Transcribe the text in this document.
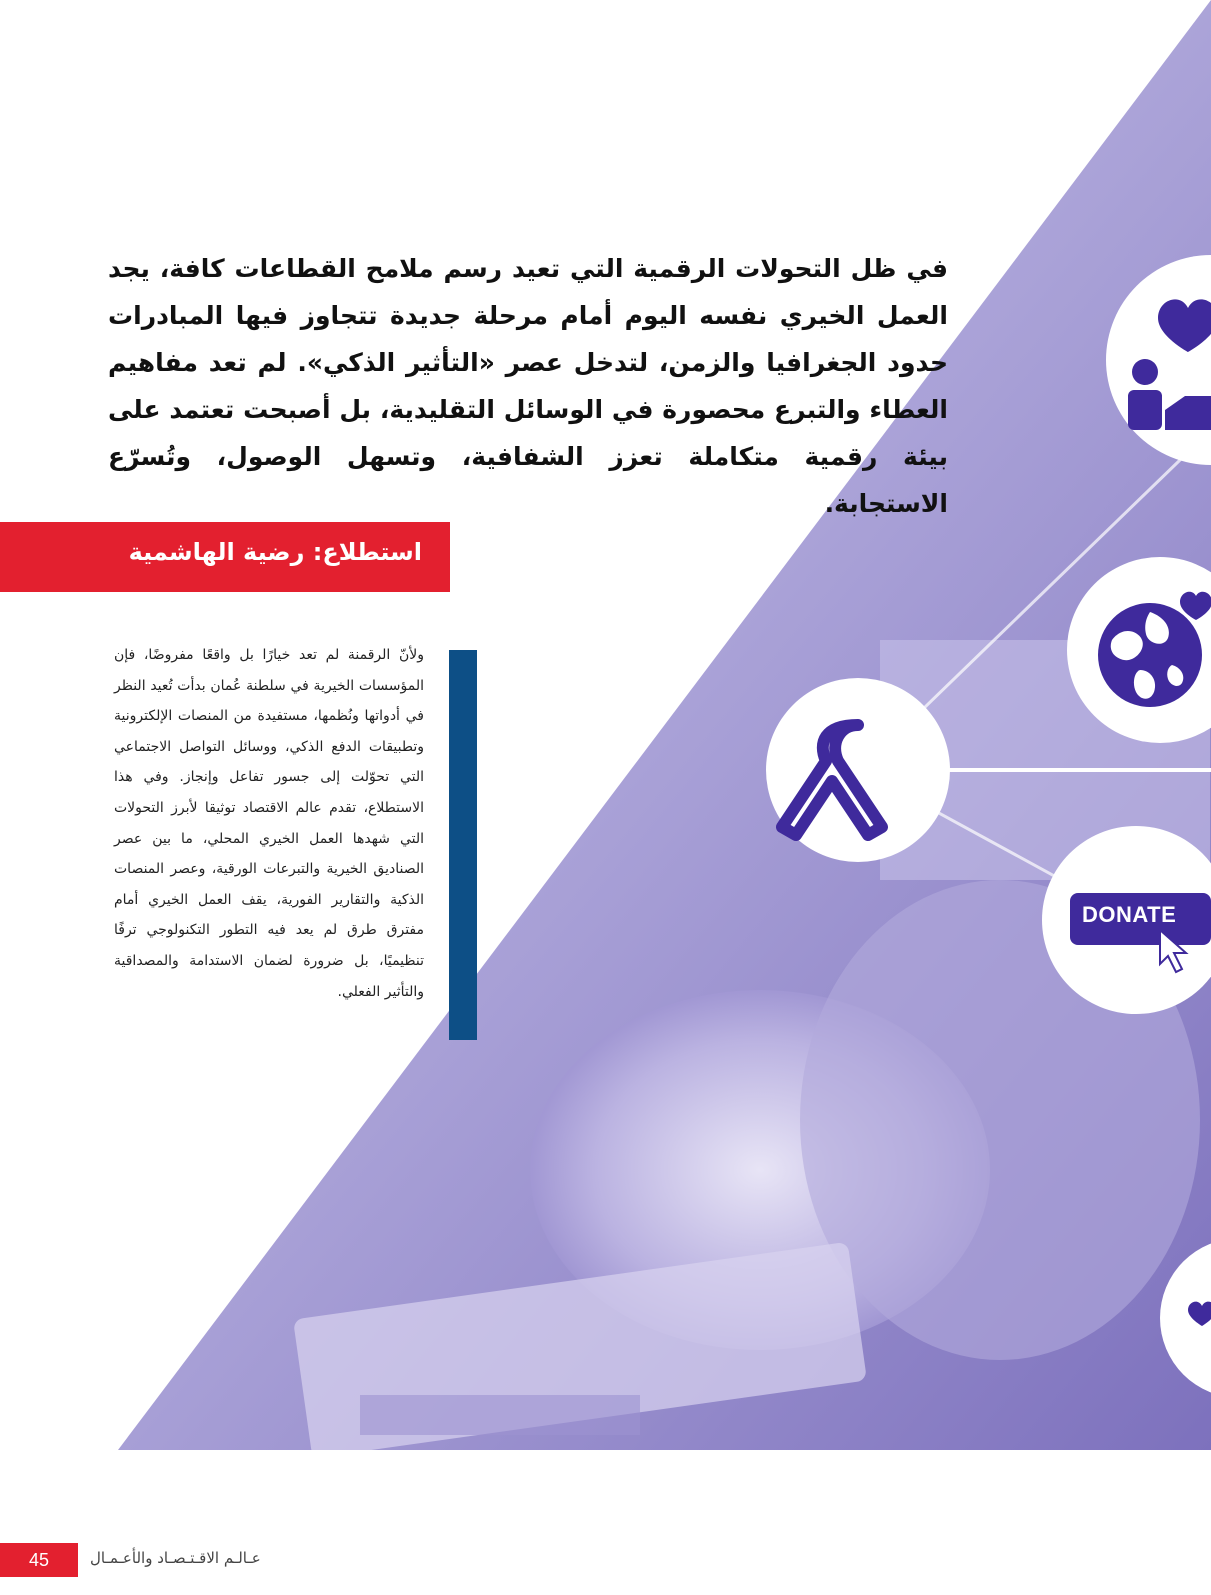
DONATE
في ظل التحولات الرقمية التي تعيد رسم ملامح القطاعات كافة، يجد العمل الخيري نفسه اليوم أمام مرحلة جديدة تتجاوز فيها المبادرات حدود الجغرافيا والزمن، لتدخل عصر «التأثير الذكي». لم تعد مفاهيم العطاء والتبرع محصورة في الوسائل التقليدية، بل أصبحت تعتمد على بيئة رقمية متكاملة تعزز الشفافية، وتسهل الوصول، وتُسرّع الاستجابة.
استطلاع: رضية الهاشمية
ولأنّ الرقمنة لم تعد خيارًا بل واقعًا مفروضًا، فإن المؤسسات الخيرية في سلطنة عُمان بدأت تُعيد النظر في أدواتها ونُظمها، مستفيدة من المنصات الإلكترونية وتطبيقات الدفع الذكي، ووسائل التواصل الاجتماعي التي تحوّلت إلى جسور تفاعل وإنجاز. وفي هذا الاستطلاع، تقدم عالم الاقتصاد توثيقا لأبرز التحولات التي شهدها العمل الخيري المحلي، ما بين عصر الصناديق الخيرية والتبرعات الورقية، وعصر المنصات الذكية والتقارير الفورية، يقف العمل الخيري أمام مفترق طرق لم يعد فيه التطور التكنولوجي ترفًا تنظيميًا، بل ضرورة لضمان الاستدامة والمصداقية والتأثير الفعلي.
45	عـالـم الاقـتـصـاد والأعـمـال
